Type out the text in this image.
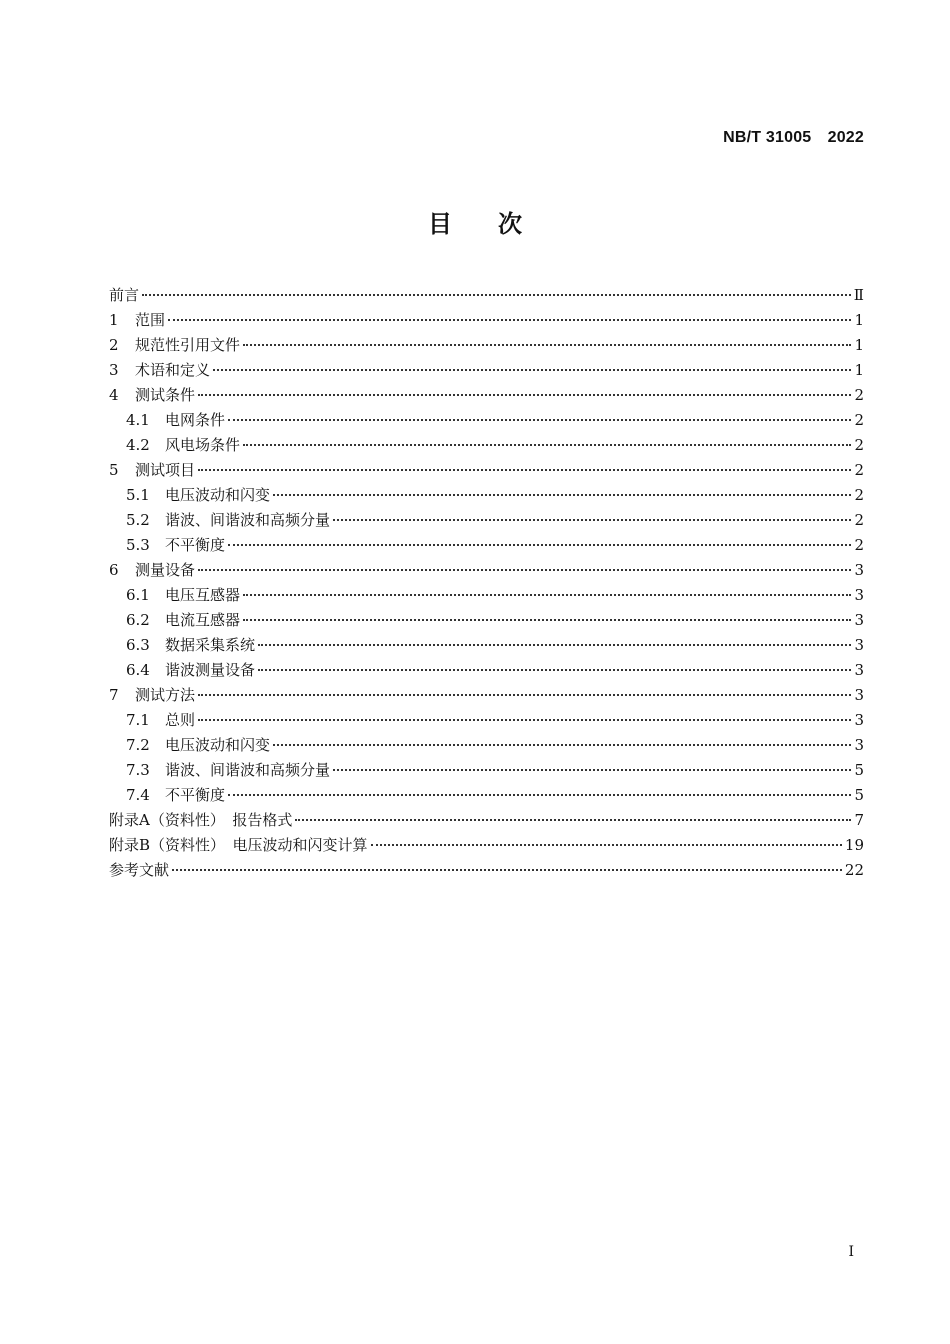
NB/T 31005　2022
目次
前言	Ⅱ
1	范围	1
2	规范性引用文件	1
3	术语和定义	1
4	测试条件	2
4.1	电网条件	2
4.2	风电场条件	2
5	测试项目	2
5.1	电压波动和闪变	2
5.2	谐波、间谐波和高频分量	2
5.3	不平衡度	2
6	测量设备	3
6.1	电压互感器	3
6.2	电流互感器	3
6.3	数据采集系统	3
6.4	谐波测量设备	3
7	测试方法	3
7.1	总则	3
7.2	电压波动和闪变	3
7.3	谐波、间谐波和高频分量	5
7.4	不平衡度	5
附录A（资料性）　报告格式	7
附录B（资料性）　电压波动和闪变计算	19
参考文献	22
Ⅰ
